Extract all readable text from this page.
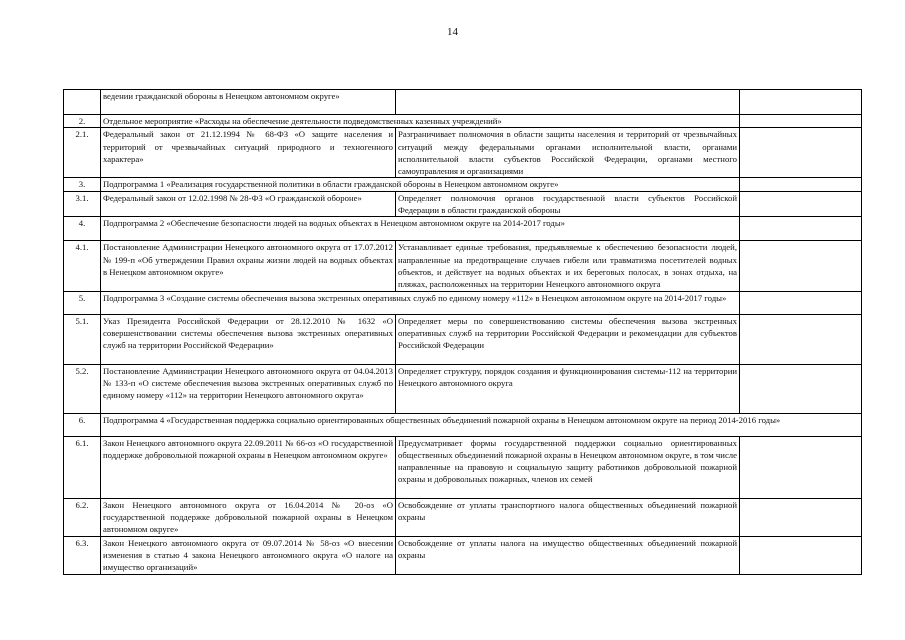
14
	ведении гражданской обороны в Ненецком автономном округе»		
2.	Отдельное мероприятие «Расходы на обеспечение деятельности подведомственных казенных учреждений»		
2.1.	Федеральный закон от 21.12.1994 № 68-ФЗ «О защите населения и территорий от чрезвычайных ситуаций природного и техногенного характера»	Разграничивает полномочия в области защиты населения и территорий от чрезвычайных ситуаций между федеральными органами исполнительной власти, органами исполнительной власти субъектов Российской Федерации, органами местного самоуправления и организациями	
3.	Подпрограмма 1 «Реализация государственной политики в области гражданской обороны в Ненецком автономном округе»		
3.1.	Федеральный закон от 12.02.1998 № 28-ФЗ «О гражданской обороне»	Определяет полномочия органов государственной власти субъектов Российской Федерации в области гражданской обороны	
4.	Подпрограмма 2 «Обеспечение безопасности людей на водных объектах в Ненецком автономном округе на 2014-2017 годы»		
4.1.	Постановление Администрации Ненецкого автономного округа от 17.07.2012 № 199-п «Об утверждении Правил охраны жизни людей на водных объектах в Ненецком автономном округе»	Устанавливает единые требования, предъявляемые к обеспечению безопасности людей, направленные на предотвращение случаев гибели или травматизма посетителей водных объектов, и действует на водных объектах и их береговых полосах, в зонах отдыха, на пляжах, расположенных на территории Ненецкого автономного округа	
5.	Подпрограмма 3 «Создание системы обеспечения вызова экстренных оперативных служб по единому номеру «112» в Ненецком автономном округе на 2014-2017 годы»		
5.1.	Указ Президента Российской Федерации от 28.12.2010 № 1632 «О совершенствовании системы обеспечения вызова экстренных оперативных служб на территории Российской Федерации»	Определяет меры по совершенствованию системы обеспечения вызова экстренных оперативных служб на территории Российской Федерации и рекомендации для субъектов Российской Федерации	
5.2.	Постановление Администрации Ненецкого автономного округа от 04.04.2013 № 133-п «О системе обеспечения вызова экстренных оперативных служб по единому номеру «112» на территории Ненецкого автономного округа»	Определяет структуру, порядок создания и функционирования системы-112 на территории Ненецкого автономного округа	
6.	Подпрограмма 4 «Государственная поддержка социально ориентированных общественных объединений пожарной охраны в Ненецком автономном округе на период 2014-2016 годы»		
6.1.	Закон Ненецкого автономного округа 22.09.2011 № 66-оз «О государственной поддержке добровольной пожарной охраны в Ненецком автономном округе»	Предусматривает формы государственной поддержки социально ориентированных общественных объединений пожарной охраны в Ненецком автономном округе, в том числе направленные на правовую и социальную защиту работников добровольной пожарной охраны и добровольных пожарных, членов их семей	
6.2.	Закон Ненецкого автономного округа от 16.04.2014 № 20-оз «О государственной поддержке добровольной пожарной охраны в Ненецком автономном округе»	Освобождение от уплаты транспортного налога общественных объединений пожарной охраны	
6.3.	Закон Ненецкого автономного округа от 09.07.2014 № 58-оз «О внесении изменения в статью 4 закона Ненецкого автономного округа «О налоге на имущество организаций»	Освобождение от уплаты налога на имущество общественных объединений пожарной охраны	
